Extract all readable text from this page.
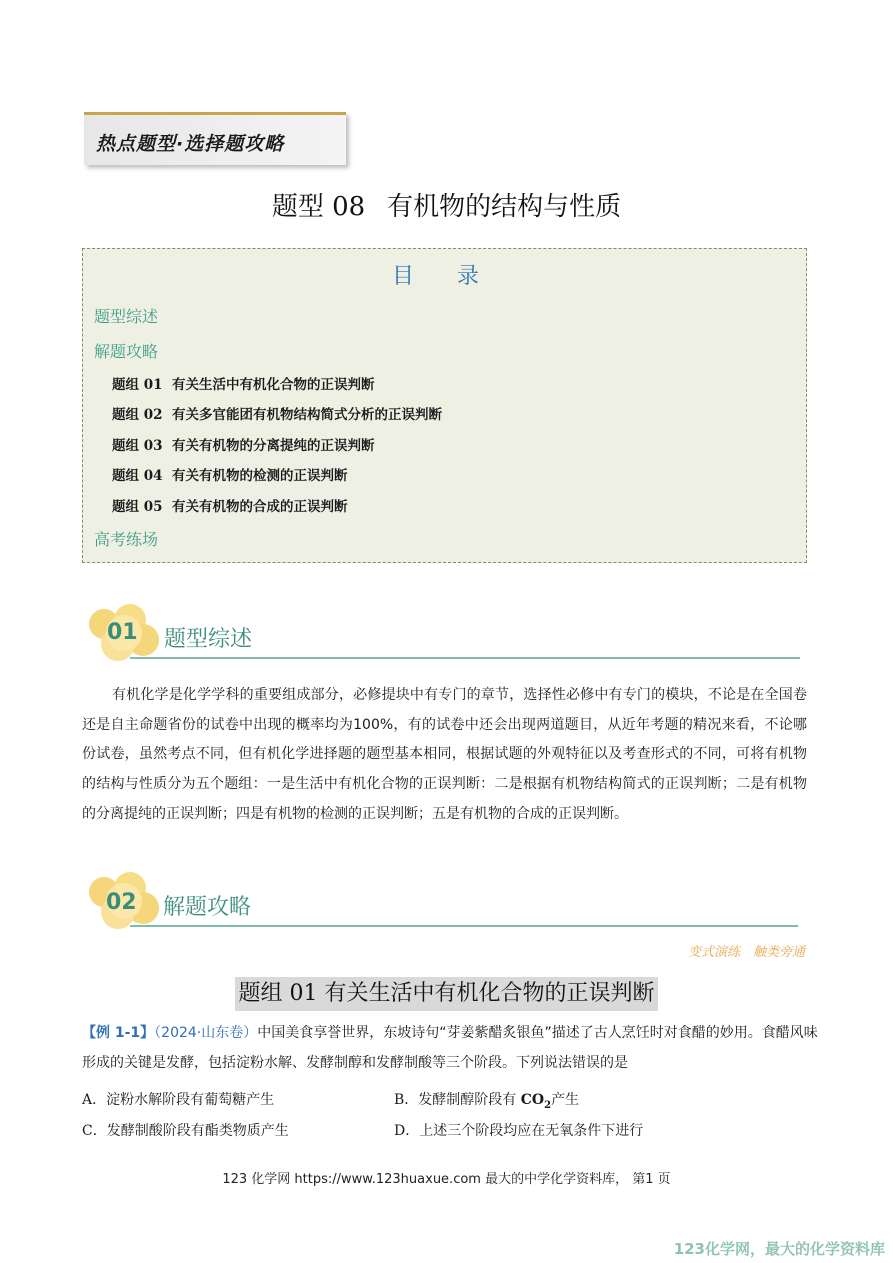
热点题型·选择题攻略
题型 08 有机物的结构与性质
目 录
题型综述
解题攻略
题组 01 有关生活中有机化合物的正误判断
题组 02 有关多官能团有机物结构简式分析的正误判断
题组 03 有关有机物的分离提纯的正误判断
题组 04 有关有机物的检测的正误判断
题组 05 有关有机物的合成的正误判断
高考练场
01 题型综述
有机化学是化学学科的重要组成部分，必修提块中有专门的章节，选择性必修中有专门的模块，不论是在全国卷还是自主命题省份的试卷中出现的概率均为100%，有的试卷中还会出现两道题目，从近年考题的精况来看，不论哪份试卷，虽然考点不同，但有机化学进择题的题型基本相同，根据试题的外观特征以及考查形式的不同，可将有机物的结构与性质分为五个题组：一是生活中有机化合物的正误判断：二是根据有机物结构简式的正误判断；二是有机物的分离提纯的正误判断；四是有机物的检测的正误判断；五是有机物的合成的正误判断。
02 解题攻略
变式演练　触类旁通
题组 01 有关生活中有机化合物的正误判断
【例 1-1】（2024·山东卷）中国美食享誉世界，东坡诗句“芽姜紫醋炙银鱼”描述了古人烹饪时对食醋的妙用。食醋风味形成的关键是发酵，包括淀粉水解、发酵制醇和发酵制酸等三个阶段。下列说法错误的是
A．淀粉水解阶段有葡萄糖产生	B．发酵制醇阶段有 $CO_2$产生
C．发酵制酸阶段有酯类物质产生	D．上述三个阶段均应在无氧条件下进行
123 化学网 https://www.123huaxue.com 最大的中学化学资料库， 第1 页
123化学网，最大的化学资料库
